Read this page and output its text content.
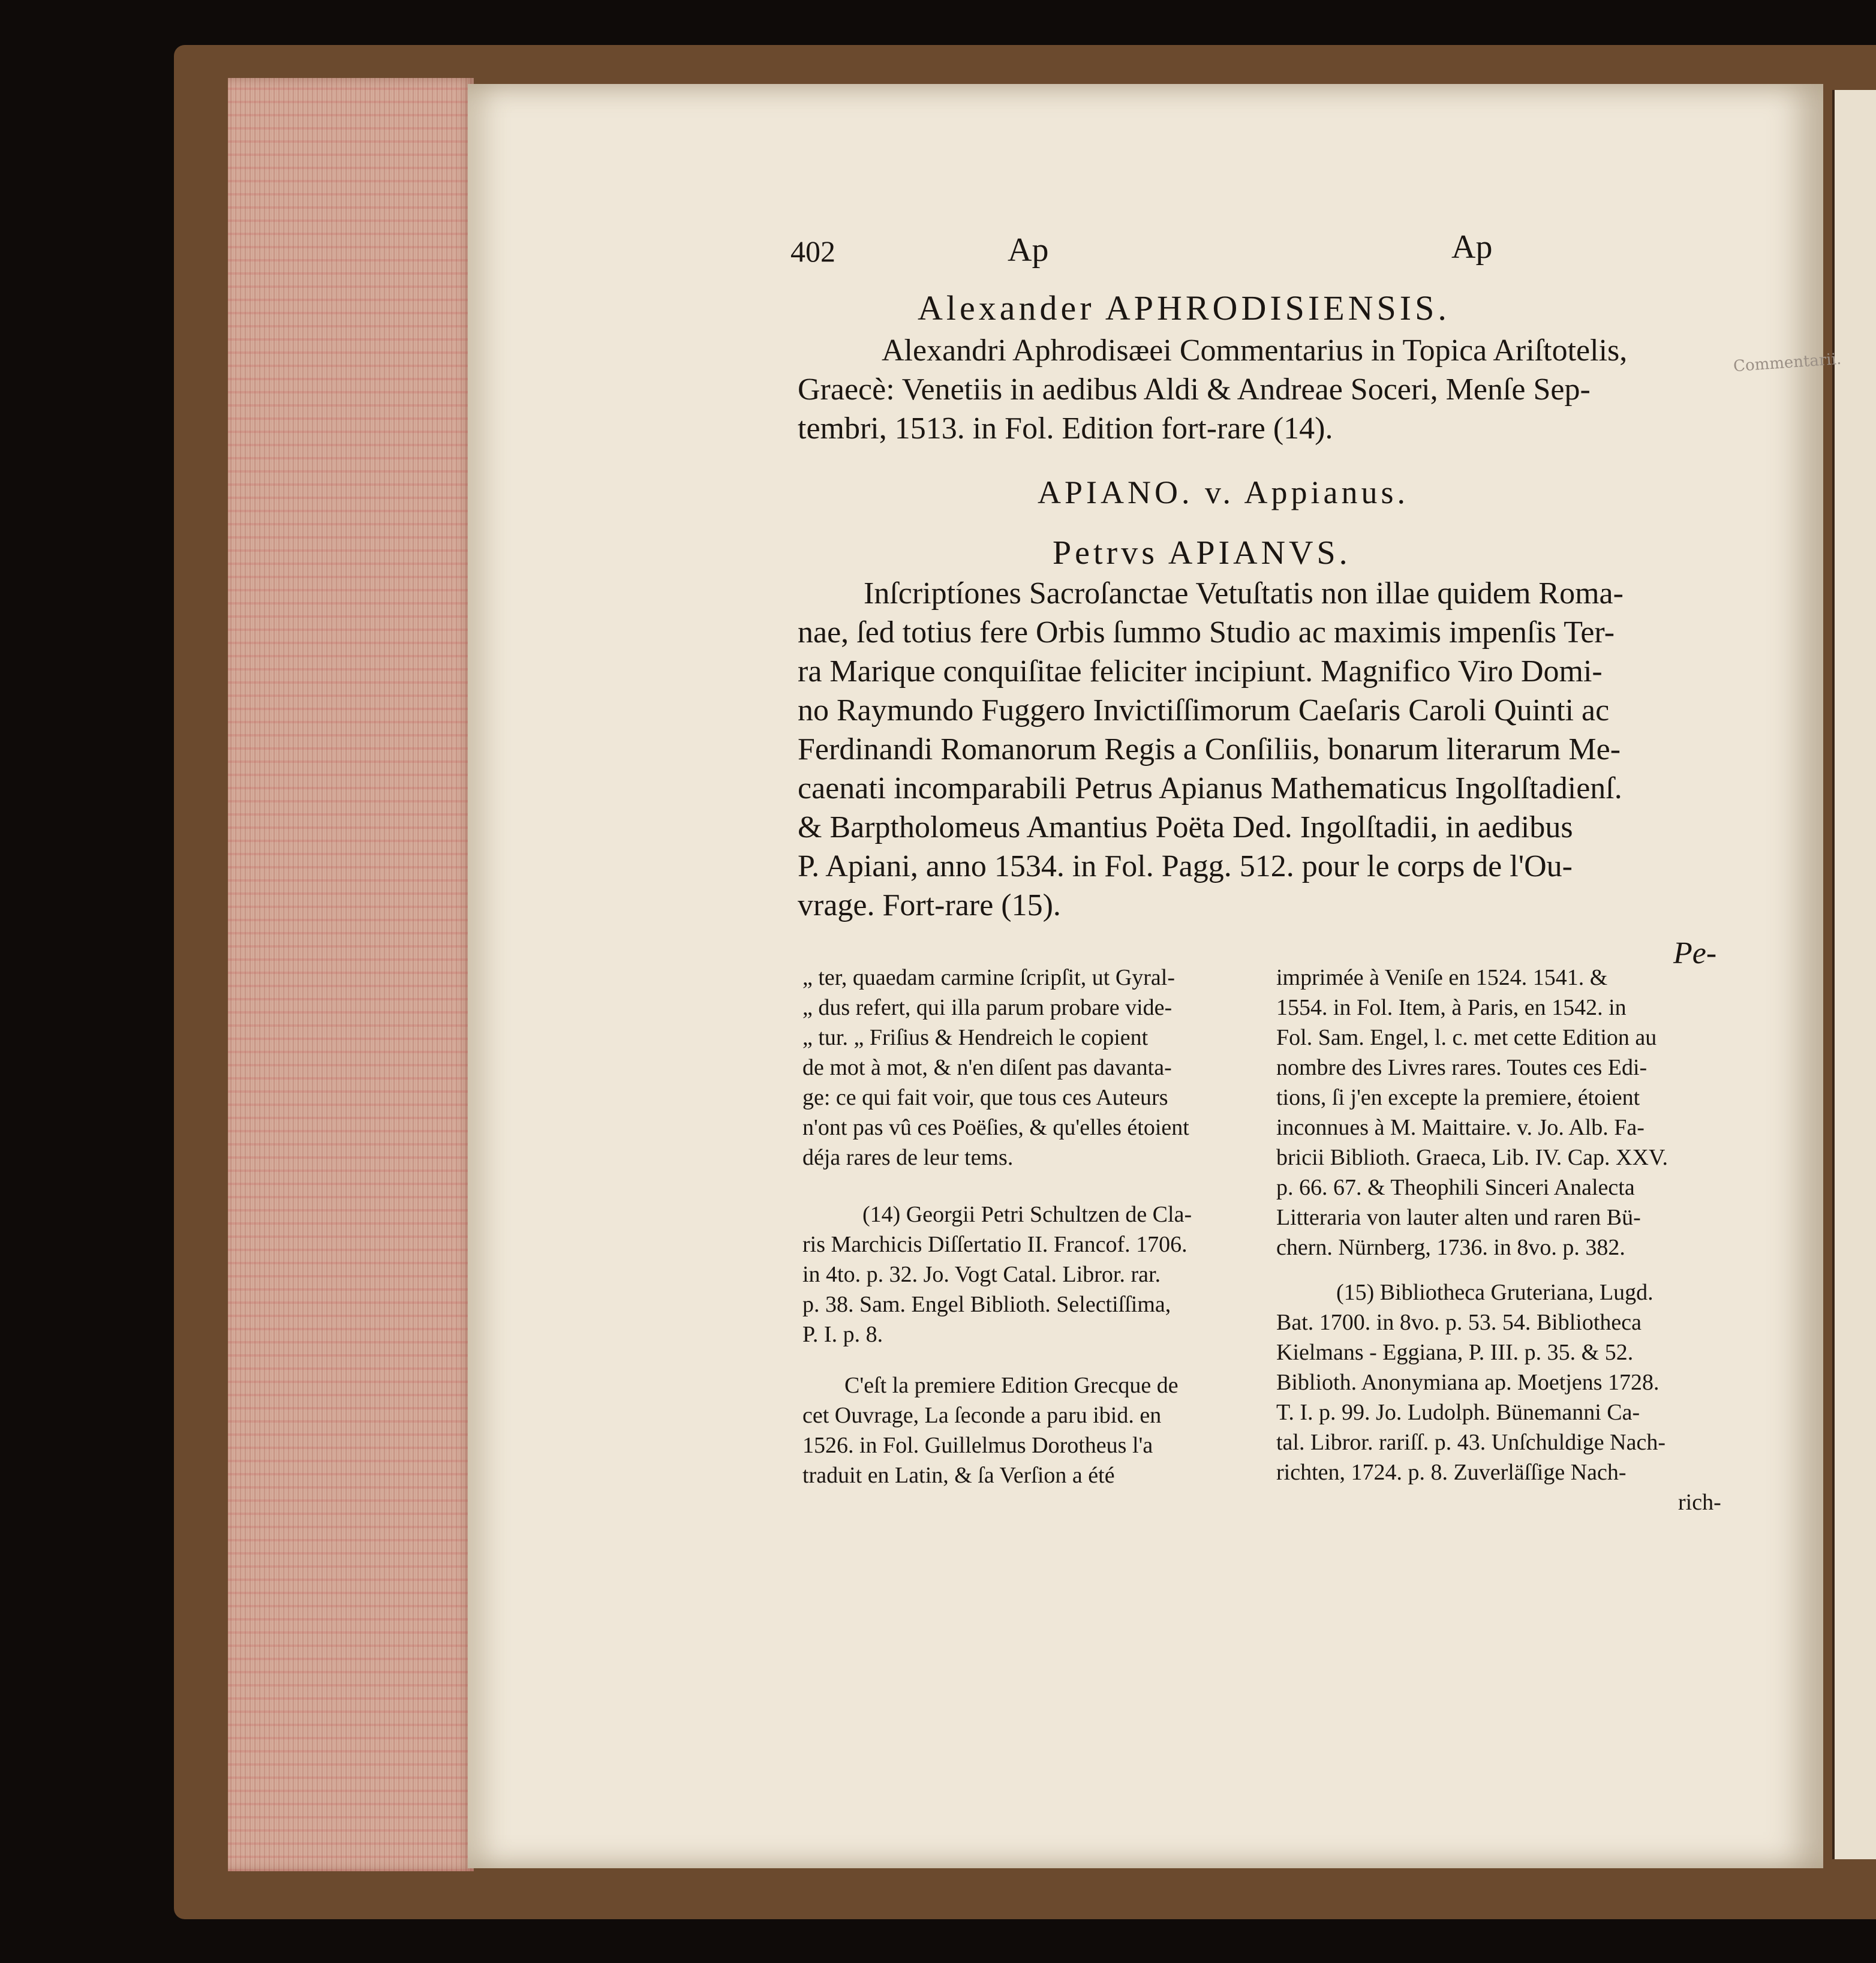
402	Ap	Ap
Commentarii.
Alexander APHRODISIENSIS.
Alexandri Aphrodisæei Commentarius in Topica Ariſtotelis,
Graecè: Venetiis in aedibus Aldi & Andreae Soceri, Menſe Sep-
tembri, 1513. in Fol. Edition fort-rare (14).
APIANO. v. Appianus.
Petrvs APIANVS.
Inſcriptíones Sacroſanctae Vetuſtatis non illae quidem Roma-
nae, ſed totius fere Orbis ſummo Studio ac maximis impenſis Ter-
ra Marique conquiſitae feliciter incipiunt. Magnifico Viro Domi-
no Raymundo Fuggero Invictiſſimorum Caeſaris Caroli Quinti ac
Ferdinandi Romanorum Regis a Conſiliis, bonarum literarum Me-
caenati incomparabili Petrus Apianus Mathematicus Ingolſtadienſ.
& Barptholomeus Amantius Poëta Ded. Ingolſtadii, in aedibus
P. Apiani, anno 1534. in Fol. Pagg. 512. pour le corps de l'Ou-
vrage. Fort-rare (15).
Pe-
„ ter, quaedam carmine ſcripſit, ut Gyral-
„ dus refert, qui illa parum probare vide-
„ tur. „ Friſius & Hendreich le copient
de mot à mot, & n'en diſent pas davanta-
ge: ce qui fait voir, que tous ces Auteurs
n'ont pas vû ces Poëſies, & qu'elles étoient
déja rares de leur tems.
(14) Georgii Petri Schultzen de Cla-
ris Marchicis Diſſertatio II. Francof. 1706.
in 4to. p. 32. Jo. Vogt Catal. Libror. rar.
p. 38. Sam. Engel Biblioth. Selectiſſima,
P. I. p. 8.
C'eſt la premiere Edition Grecque de
cet Ouvrage, La ſeconde a paru ibid. en
1526. in Fol. Guillelmus Dorotheus l'a
traduit en Latin, & ſa Verſion a été
imprimée à Veniſe en 1524. 1541. &
1554. in Fol. Item, à Paris, en 1542. in
Fol. Sam. Engel, l. c. met cette Edition au
nombre des Livres rares. Toutes ces Edi-
tions, ſi j'en excepte la premiere, étoient
inconnues à M. Maittaire. v. Jo. Alb. Fa-
bricii Biblioth. Graeca, Lib. IV. Cap. XXV.
p. 66. 67. & Theophili Sinceri Analecta
Litteraria von lauter alten und raren Bü-
chern. Nürnberg, 1736. in 8vo. p. 382.
(15) Bibliotheca Gruteriana, Lugd.
Bat. 1700. in 8vo. p. 53. 54. Bibliotheca
Kielmans - Eggiana, P. III. p. 35. & 52.
Biblioth. Anonymiana ap. Moetjens 1728.
T. I. p. 99. Jo. Ludolph. Bünemanni Ca-
tal. Libror. rariſſ. p. 43. Unſchuldige Nach-
richten, 1724. p. 8. Zuverläſſige Nach-
rich-
